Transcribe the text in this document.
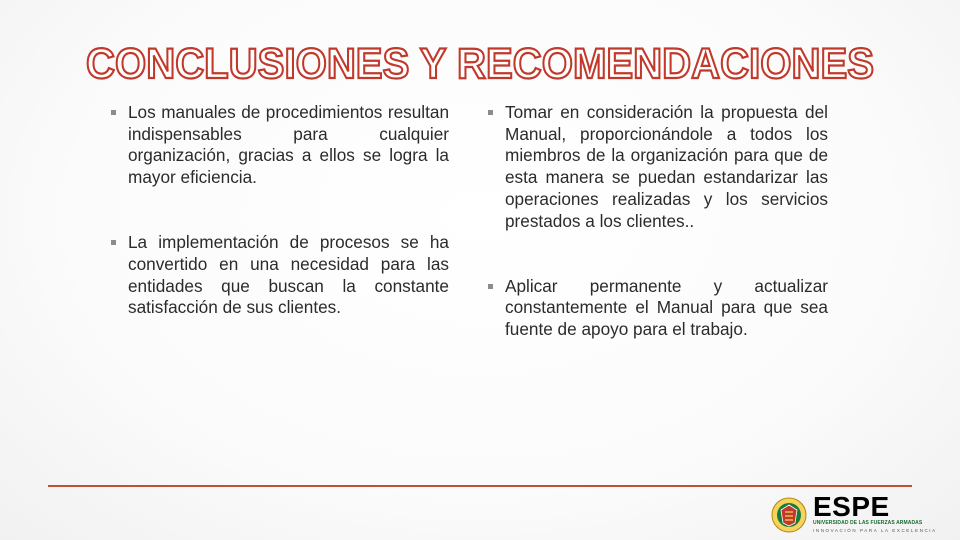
CONCLUSIONES Y RECOMENDACIONES
Los manuales de procedimientos resultan indispensables para cualquier organización, gracias a ellos se logra la mayor eficiencia.
La implementación de procesos se ha convertido en una necesidad para las entidades que buscan la constante satisfacción de sus clientes.
Tomar en consideración la propuesta del Manual, proporcionándole a todos los miembros de la organización para que de esta manera se puedan estandarizar las operaciones realizadas y los servicios prestados a los clientes..
Aplicar permanente y actualizar constantemente el Manual para que sea fuente de apoyo para el trabajo.
ESPE
UNIVERSIDAD DE LAS FUERZAS ARMADAS
INNOVACIÓN PARA LA EXCELENCIA
